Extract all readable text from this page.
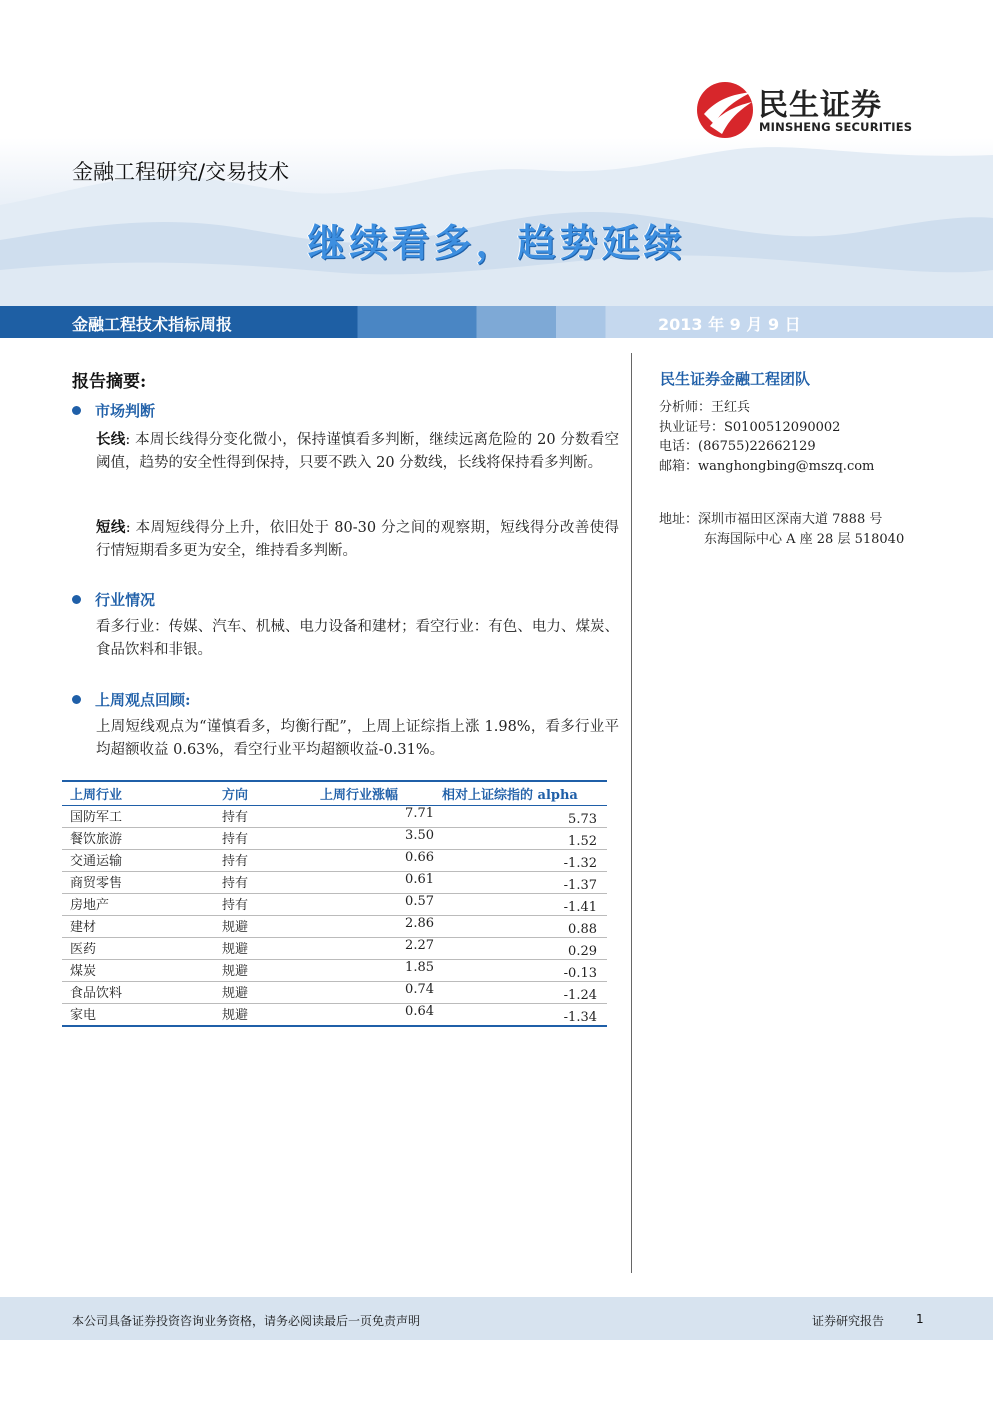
民生证券
MINSHENG SECURITIES
金融工程研究/交易技术
继续看多，趋势延续
金融工程技术指标周报	2013 年 9 月 9 日
报告摘要:
市场判断
长线: 本周长线得分变化微小，保持谨慎看多判断，继续远离危险的 20 分数看空阈值，趋势的安全性得到保持，只要不跌入 20 分数线，长线将保持看多判断。
短线: 本周短线得分上升，依旧处于 80-30 分之间的观察期，短线得分改善使得行情短期看多更为安全，维持看多判断。
行业情况
看多行业：传媒、汽车、机械、电力设备和建材；看空行业：有色、电力、煤炭、食品饮料和非银。
上周观点回顾:
上周短线观点为“谨慎看多，均衡行配”，上周上证综指上涨 1.98%，看多行业平均超额收益 0.63%，看空行业平均超额收益-0.31%。
上周行业	方向	上周行业涨幅	相对上证综指的 alpha
国防军工	持有	7.71	5.73
餐饮旅游	持有	3.50	1.52
交通运输	持有	0.66	-1.32
商贸零售	持有	0.61	-1.37
房地产	持有	0.57	-1.41
建材	规避	2.86	0.88
医药	规避	2.27	0.29
煤炭	规避	1.85	-0.13
食品饮料	规避	0.74	-1.24
家电	规避	0.64	-1.34
民生证券金融工程团队
分析师：王红兵
执业证号：S0100512090002
电话：(86755)22662129
邮箱：wanghongbing@mszq.com
地址：深圳市福田区深南大道 7888 号
东海国际中心 A 座 28 层 518040
本公司具备证券投资咨询业务资格，请务必阅读最后一页免责声明	证券研究报告	1
